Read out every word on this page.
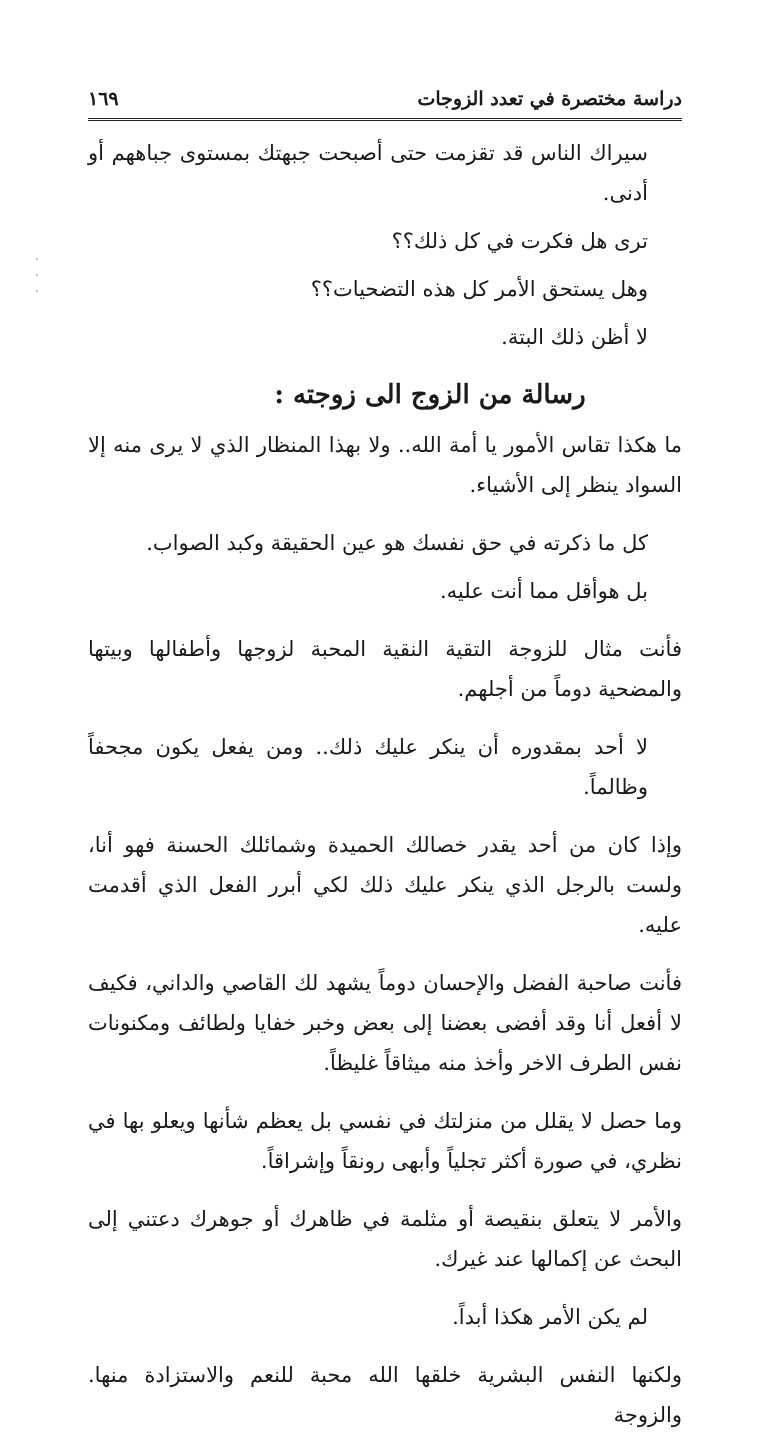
دراسة مختصرة في تعدد الزوجات
١٦٩

سيراك الناس قد تقزمت حتى أصبحت جبهتك بمستوى جباههم أو أدنى.

ترى هل فكرت في كل ذلك؟؟

وهل يستحق الأمر كل هذه التضحيات؟؟

لا أظن ذلك البتة.

رسالة من الزوج الى زوجته :

ما هكذا تقاس الأمور يا أمة الله.. ولا بهذا المنظار الذي لا يرى منه إلا السواد ينظر إلى الأشياء.

كل ما ذكرته في حق نفسك هو عين الحقيقة وكبد الصواب.

بل هوأقل مما أنت عليه.

فأنت مثال للزوجة التقية النقية المحبة لزوجها وأطفالها وبيتها والمضحية دوماً من أجلهم.

لا أحد بمقدوره أن ينكر عليك ذلك.. ومن يفعل يكون مجحفاً وظالماً.

وإذا كان من أحد يقدر خصالك الحميدة وشمائلك الحسنة فهو أنا، ولست بالرجل الذي ينكر عليك ذلك لكي أبرر الفعل الذي أقدمت عليه.

فأنت صاحبة الفضل والإحسان دوماً يشهد لك القاصي والداني، فكيف لا أفعل أنا وقد أفضى بعضنا إلى بعض وخبر خفايا ولطائف ومكنونات نفس الطرف الاخر وأخذ منه ميثاقاً غليظاً.

وما حصل لا يقلل من منزلتك في نفسي بل يعظم شأنها ويعلو بها في نظري، في صورة أكثر تجلياً وأبهى رونقاً وإشراقاً.

والأمر لا يتعلق بنقيصة أو مثلمة في ظاهرك أو جوهرك دعتني إلى البحث عن إكمالها عند غيرك.

لم يكن الأمر هكذا أبداً.

ولكنها النفس البشرية خلقها الله محبة للنعم والاستزادة منها. والزوجة
